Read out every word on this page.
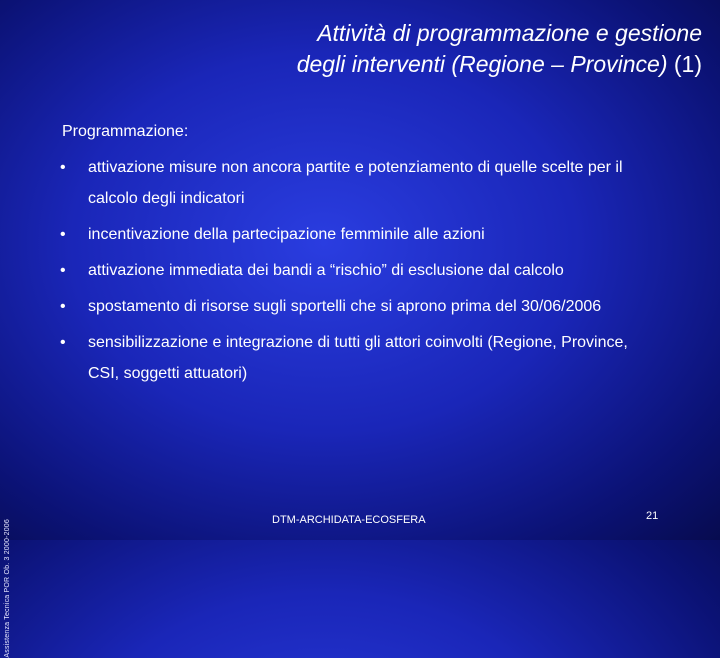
Attività di programmazione e gestione
degli interventi (Regione – Province) (1)
Programmazione:
• attivazione misure non ancora partite e potenziamento di quelle scelte per il calcolo degli indicatori
• incentivazione della partecipazione femminile alle azioni
• attivazione immediata dei bandi a “rischio” di esclusione dal calcolo
• spostamento di risorse sugli sportelli che si aprono prima del 30/06/2006
• sensibilizzazione e integrazione di tutti gli attori coinvolti (Regione, Province, CSI, soggetti attuatori)
Assistenza Tecnica POR Ob. 3 2000-2006	DTM-ARCHIDATA-ECOSFERA	21
